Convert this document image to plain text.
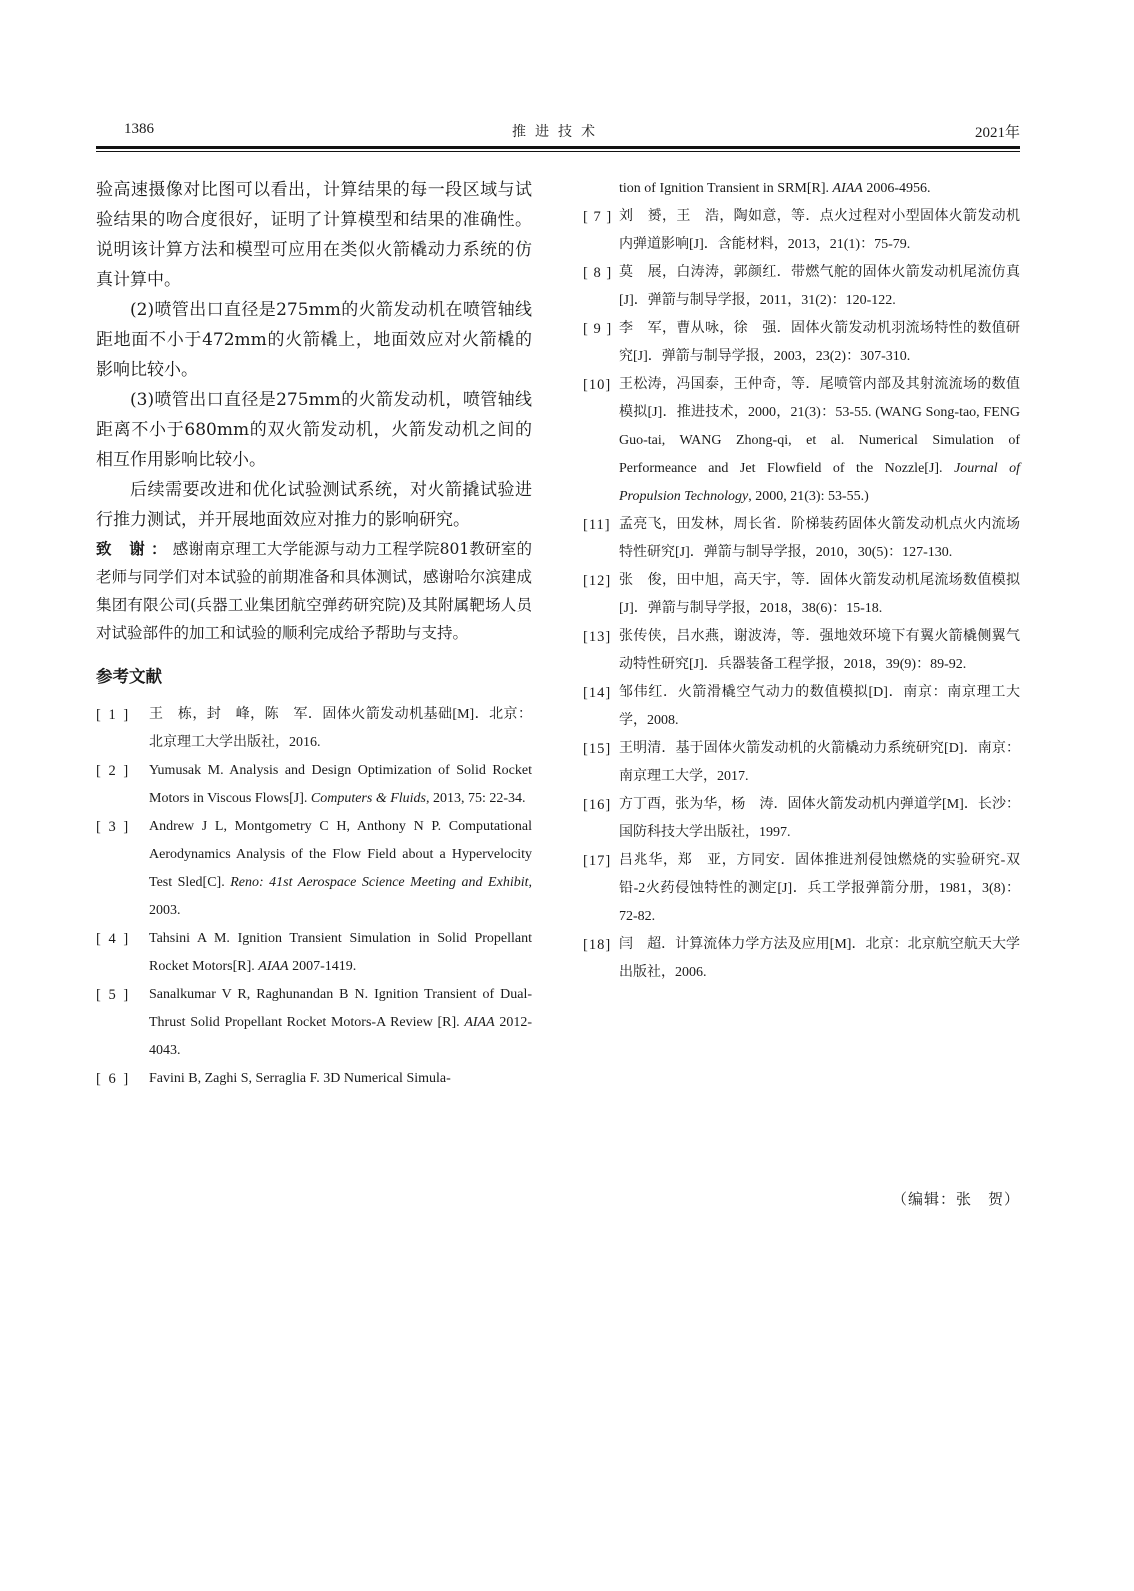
1386	推进技术	2021年

验高速摄像对比图可以看出，计算结果的每一段区域与试验结果的吻合度很好，证明了计算模型和结果的准确性。说明该计算方法和模型可应用在类似火箭橇动力系统的仿真计算中。

(2)喷管出口直径是275mm的火箭发动机在喷管轴线距地面不小于472mm的火箭橇上，地面效应对火箭橇的影响比较小。

(3)喷管出口直径是275mm的火箭发动机，喷管轴线距离不小于680mm的双火箭发动机，火箭发动机之间的相互作用影响比较小。

后续需要改进和优化试验测试系统，对火箭撬试验进行推力测试，并开展地面效应对推力的影响研究。

致 谢：感谢南京理工大学能源与动力工程学院801教研室的老师与同学们对本试验的前期准备和具体测试，感谢哈尔滨建成集团有限公司(兵器工业集团航空弹药研究院)及其附属靶场人员对试验部件的加工和试验的顺利完成给予帮助与支持。

参考文献
[ 1 ] 王　栋，封　峰，陈　军．固体火箭发动机基础[M]．北京：北京理工大学出版社，2016.
[ 2 ] Yumusak M. Analysis and Design Optimization of Solid Rocket Motors in Viscous Flows[J]. Computers & Fluids, 2013, 75: 22-34.
[ 3 ] Andrew J L, Montgometry C H, Anthony N P. Computational Aerodynamics Analysis of the Flow Field about a Hypervelocity Test Sled[C]. Reno: 41st Aerospace Science Meeting and Exhibit, 2003.
[ 4 ] Tahsini A M. Ignition Transient Simulation in Solid Propellant Rocket Motors[R]. AIAA 2007-1419.
[ 5 ] Sanalkumar V R, Raghunandan B N. Ignition Transient of Dual-Thrust Solid Propellant Rocket Motors-A Review [R]. AIAA 2012-4043.
[ 6 ] Favini B, Zaghi S, Serraglia F. 3D Numerical Simula-
tion of Ignition Transient in SRM[R]. AIAA 2006-4956.
[ 7 ] 刘　赟，王　浩，陶如意，等．点火过程对小型固体火箭发动机内弹道影响[J]．含能材料，2013，21(1)：75-79.
[ 8 ] 莫　展，白涛涛，郭颜红．带燃气舵的固体火箭发动机尾流仿真[J]．弹箭与制导学报，2011，31(2)：120-122.
[ 9 ] 李　军，曹从咏，徐　强．固体火箭发动机羽流场特性的数值研究[J]．弹箭与制导学报，2003，23(2)：307-310.
[10] 王松涛，冯国泰，王仲奇，等．尾喷管内部及其射流流场的数值模拟[J]．推进技术，2000，21(3)：53-55. (WANG Song-tao, FENG Guo-tai, WANG Zhong-qi, et al. Numerical Simulation of Performeance and Jet Flowfield of the Nozzle[J]. Journal of Propulsion Technology, 2000, 21(3): 53-55.)
[11] 孟亮飞，田发林，周长省．阶梯装药固体火箭发动机点火内流场特性研究[J]．弹箭与制导学报，2010，30(5)：127-130.
[12] 张　俊，田中旭，高天宇，等．固体火箭发动机尾流场数值模拟[J]．弹箭与制导学报，2018，38(6)：15-18.
[13] 张传侠，吕水燕，谢波涛，等．强地效环境下有翼火箭橇侧翼气动特性研究[J]．兵器装备工程学报，2018，39(9)：89-92.
[14] 邹伟红．火箭滑橇空气动力的数值模拟[D]．南京：南京理工大学，2008.
[15] 王明清．基于固体火箭发动机的火箭橇动力系统研究[D]．南京：南京理工大学，2017.
[16] 方丁酉，张为华，杨　涛．固体火箭发动机内弹道学[M]．长沙：国防科技大学出版社，1997.
[17] 吕兆华，郑　亚，方同安．固体推进剂侵蚀燃烧的实验研究-双铅-2火药侵蚀特性的测定[J]．兵工学报弹箭分册，1981，3(8)：72-82.
[18] 闫　超．计算流体力学方法及应用[M]．北京：北京航空航天大学出版社，2006.
（编辑：张　贺）
